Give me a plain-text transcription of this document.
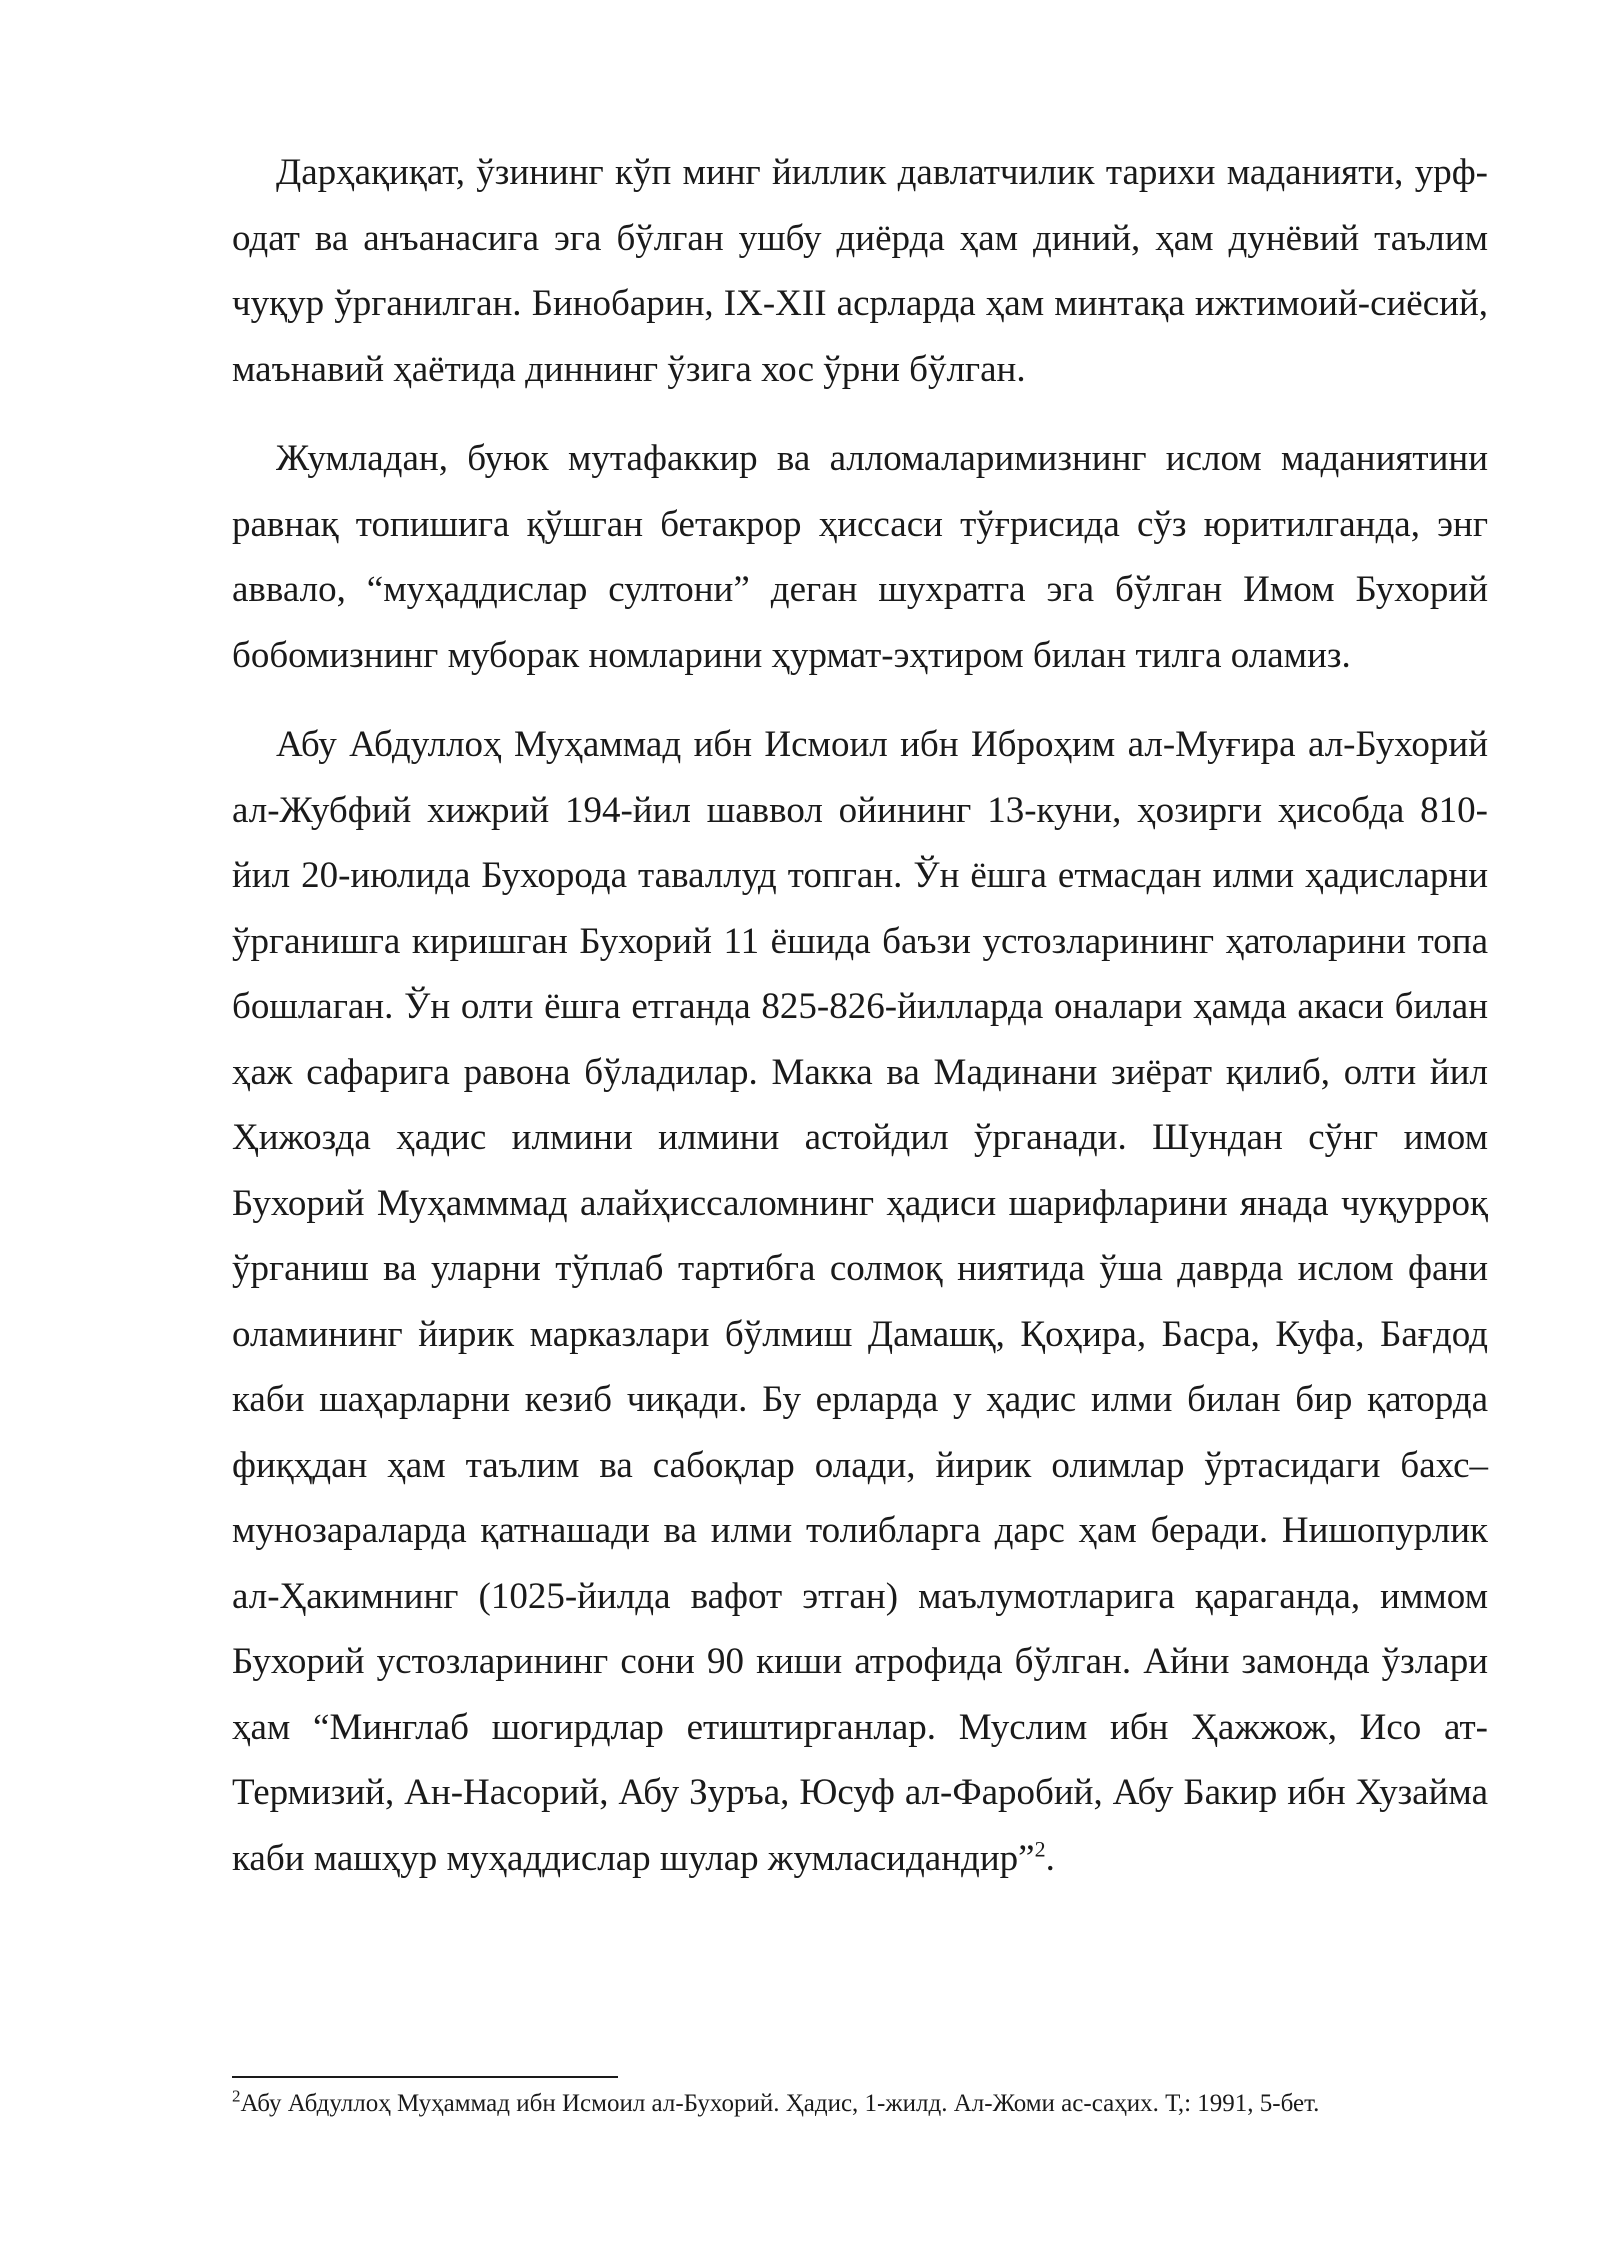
Дарҳақиқат, ўзининг кўп минг йиллик давлатчилик тарихи маданияти, урф-одат ва анъанасига эга бўлган ушбу диёрда ҳам диний, ҳам дунёвий таълим чуқур ўрганилган. Бинобарин, IX-XII асрларда ҳам минтақа ижтимоий-сиёсий, маънавий ҳаётида диннинг ўзига хос ўрни бўлган.

Жумладан, буюк мутафаккир ва алломаларимизнинг ислом маданиятини равнақ топишига қўшган бетакрор ҳиссаси тўғрисида сўз юритилганда, энг аввало, “муҳаддислар султони” деган шухратга эга бўлган Имом Бухорий бобомизнинг муборак номларини ҳурмат-эҳтиром билан тилга оламиз.

Абу Абдуллоҳ Муҳаммад ибн Исмоил ибн Иброҳим ал-Муғира ал-Бухорий ал-Жубфий хижрий 194-йил шаввол ойининг 13-куни, ҳозирги ҳисобда 810-йил 20-июлида Бухорода таваллуд топган. Ўн ёшга етмасдан илми ҳадисларни ўрганишга киришган Бухорий 11 ёшида баъзи устозларининг ҳатоларини топа бошлаган. Ўн олти ёшга етганда 825-826-йилларда оналари ҳамда акаси билан ҳаж сафарига равона бўладилар. Макка ва Мадинани зиёрат қилиб, олти йил Ҳижозда ҳадис илмини илмини астойдил ўрганади. Шундан сўнг имом Бухорий Муҳамммад алайҳиссаломнинг ҳадиси шарифларини янада чуқуррoқ ўрганиш ва уларни тўплаб тартибга солмоқ ниятида ўша даврда ислом фани оламининг йирик марказлари бўлмиш Дамашқ, Қоҳира, Басра, Куфа, Бағдод каби шаҳарларни кезиб чиқади. Бу ерларда у ҳадис илми билан бир қаторда фиқҳдан ҳам таълим ва сабоқлар олади, йирик олимлар ўртасидаги бахс–мунозараларда қатнашади ва илми толибларга дарс ҳам беради. Нишопурлик ал-Ҳакимнинг (1025-йилда вафот этган) маълумотларига қараганда, иммом Бухорий устозларининг сони 90 киши атрофида бўлган. Айни замонда ўзлари ҳам “Минглаб шогирдлар етиштирганлар. Муслим ибн Ҳажжож, Исо ат-Термизий, Ан-Насорий, Абу Зуръа, Юсуф ал-Фаробий, Абу Бакир ибн Хузайма каби машҳур муҳаддислар шулар жумласидандир”$^2$.

$^2$Абу Абдуллоҳ Муҳаммад ибн Исмоил ал-Бухорий. Ҳадис, 1-жилд. Ал-Жоми ас-саҳих. Т,: 1991, 5-бет.
